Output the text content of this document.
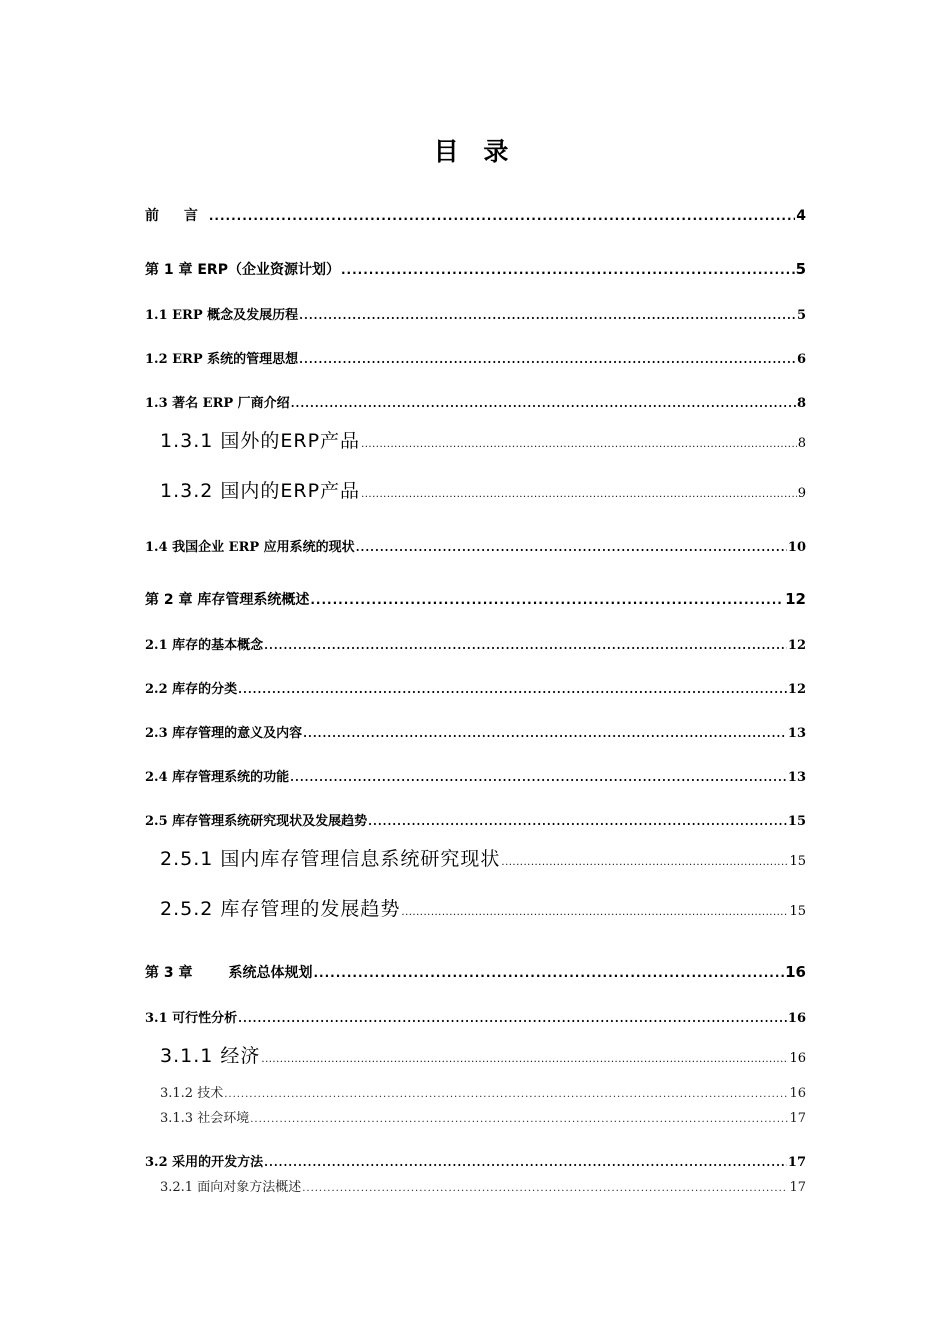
目 录
前 言 .....	4
第 1 章 ERP（企业资源计划） .....	5
1.1 ERP 概念及发展历程 .....	5
1.2 ERP 系统的管理思想 .....	6
1.3 著名 ERP 厂商介绍 .....	8
1.3.1 国外的ERP产品 .....	8
1.3.2 国内的ERP产品 .....	9
1.4 我国企业 ERP 应用系统的现状 .....	10
第 2 章 库存管理系统概述 .....	12
2.1 库存的基本概念 .....	12
2.2 库存的分类 .....	12
2.3 库存管理的意义及内容 .....	13
2.4 库存管理系统的功能 .....	13
2.5 库存管理系统研究现状及发展趋势 .....	15
2.5.1 国内库存管理信息系统研究现状 .....	15
2.5.2 库存管理的发展趋势 .....	15
第 3 章	系统总体规划 .....	16
3.1 可行性分析 .....	16
3.1.1 经济 .....	16
3.1.2 技术 .....	16
3.1.3 社会环境 .....	17
3.2 采用的开发方法 .....	17
3.2.1 面向对象方法概述 .....	17
